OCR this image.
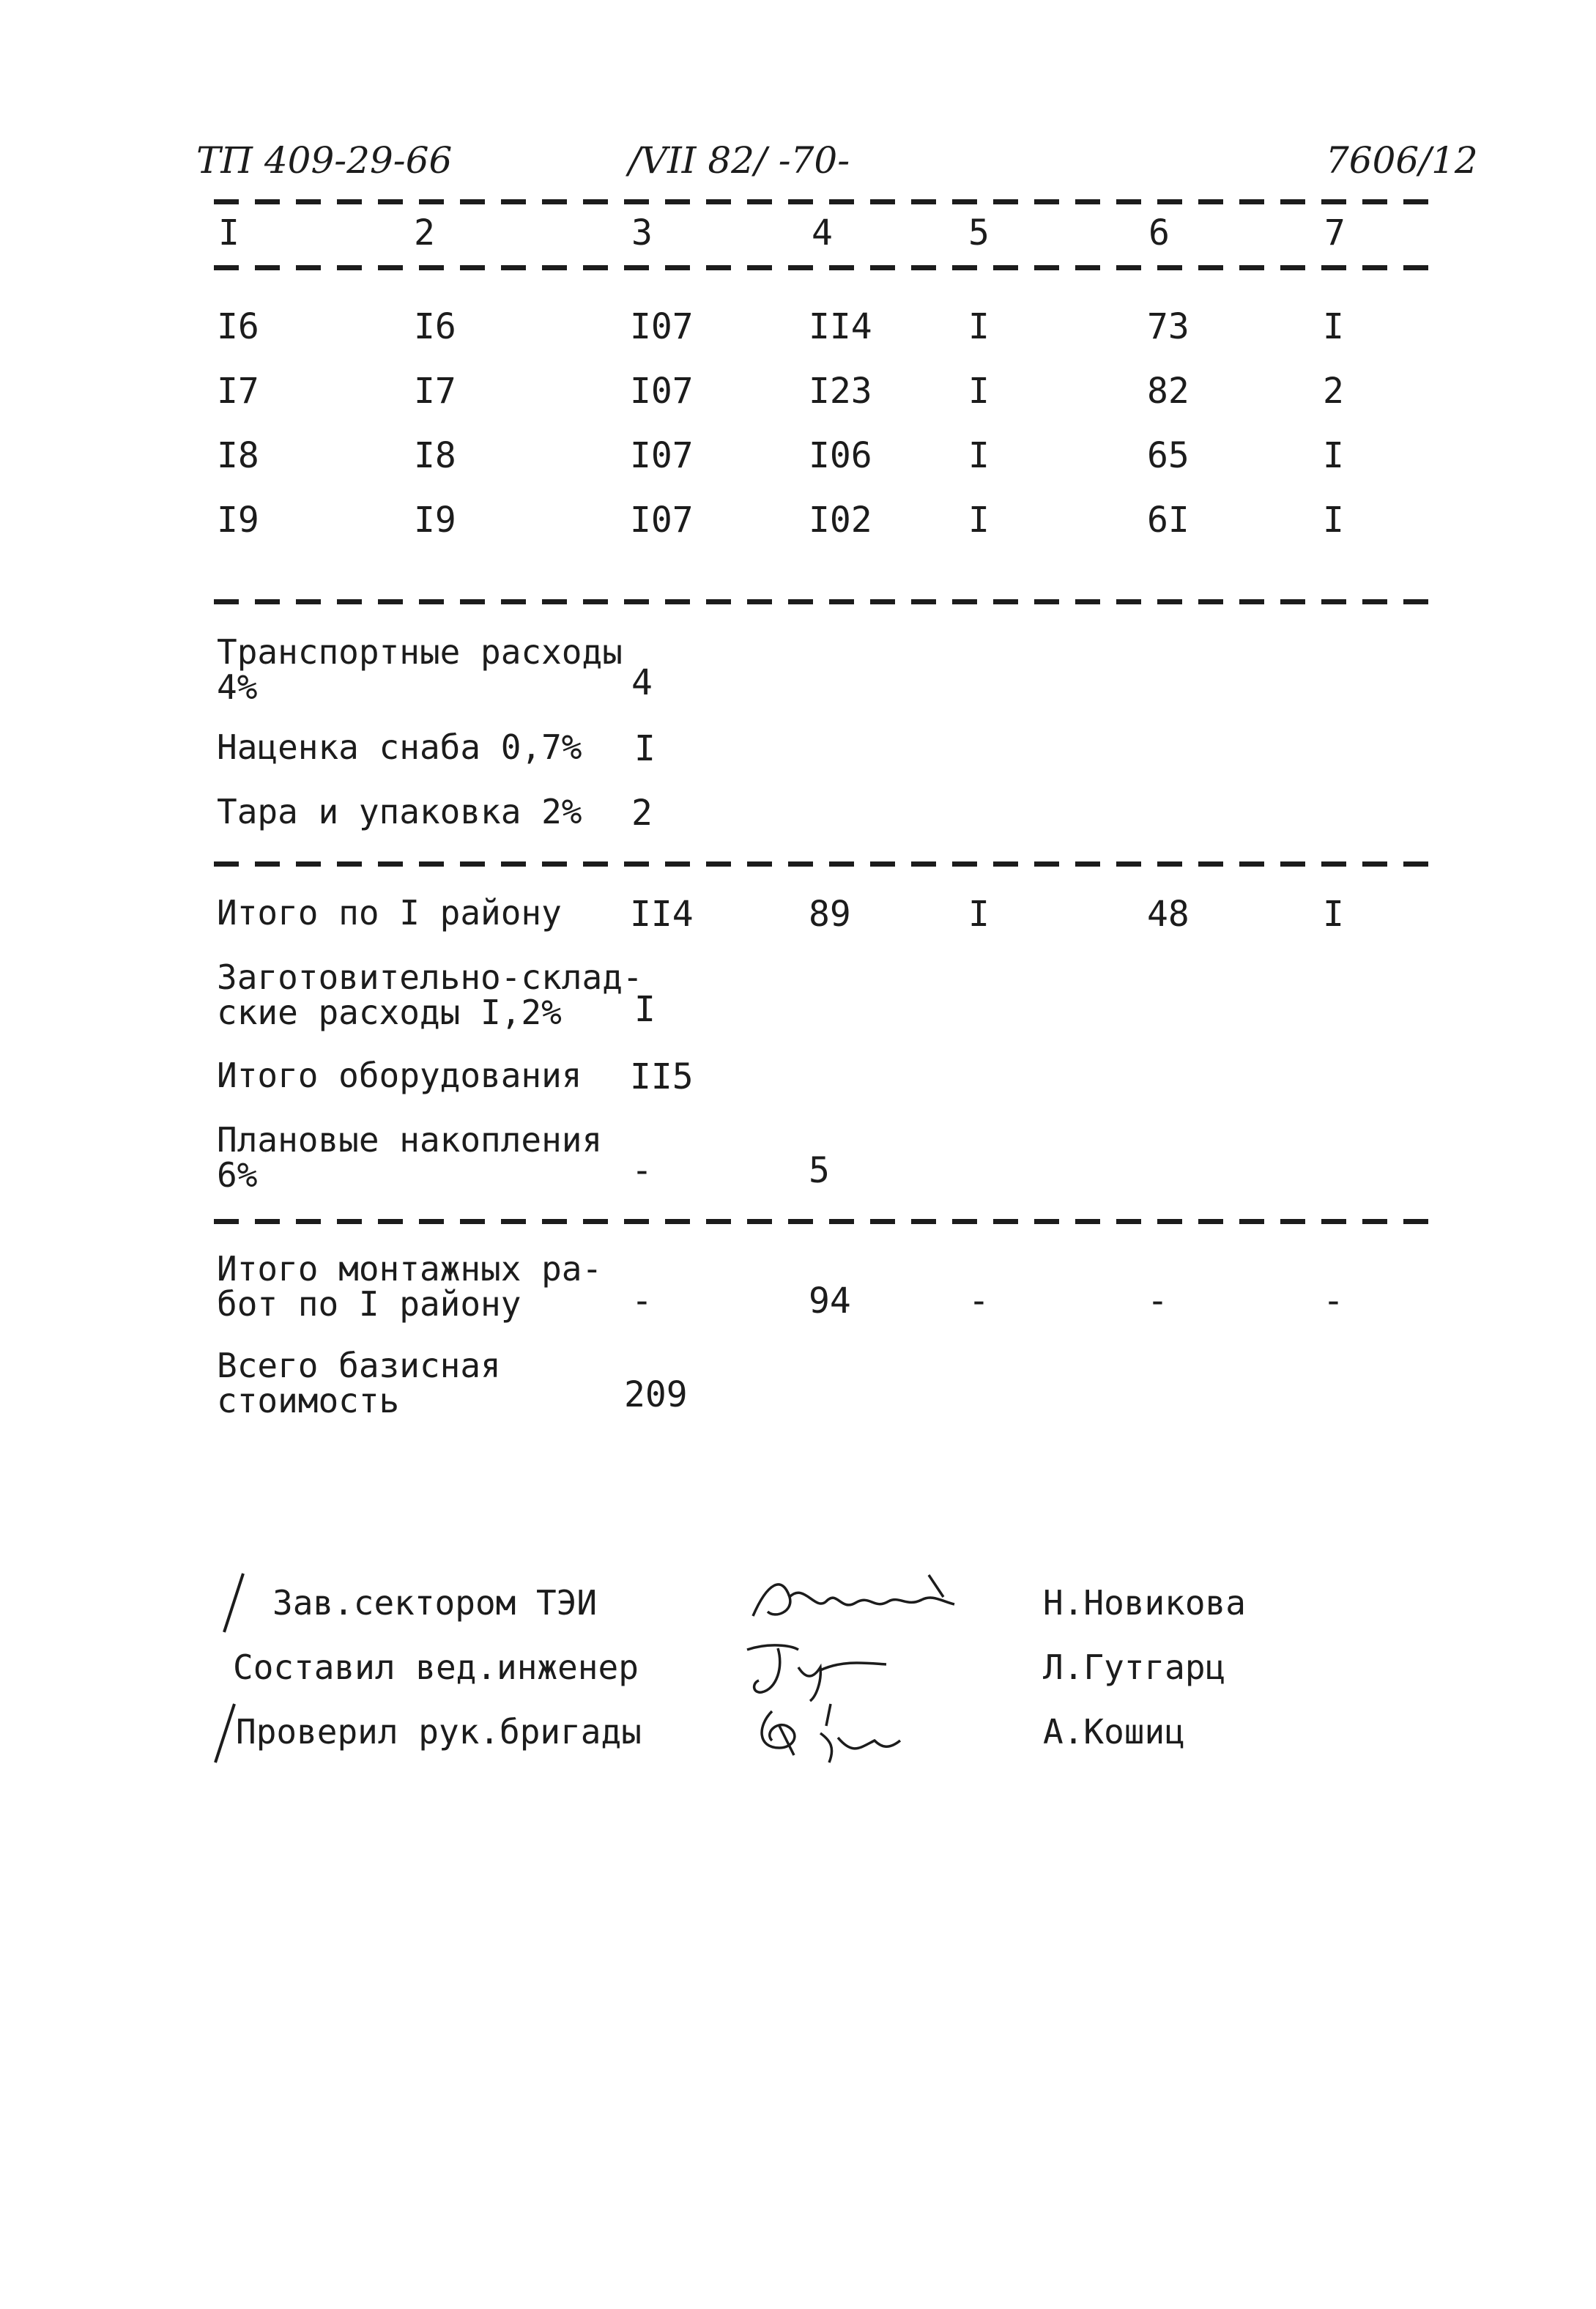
ТП 409-29-66	/VII 82/ -70-	7606/12
I	2	3	4	5	6	7
I6	I6	I07	II4	I	73	I
I7	I7	I07	I23	I	82	2
I8	I8	I07	I06	I	65	I
I9	I9	I07	I02	I	6I	I
Транспортные расходы
4%	4
Наценка снаба 0,7% I
Тара и упаковка 2% 2
Итого по I району II4	89	I	48	I
Заготовительно-склад-
ские расходы I,2%	I
Итого оборудования II5
Плановые накопления
6%	-	5
Итого монтажных ра-
бот по I району	-	94	-	-	-
Всего базисная
стоимость	209
Зав.сектором ТЭИ	Н.Новикова
Составил вед.инженер	Л.Гутгарц
Проверил рук.бригады	А.Кошиц
